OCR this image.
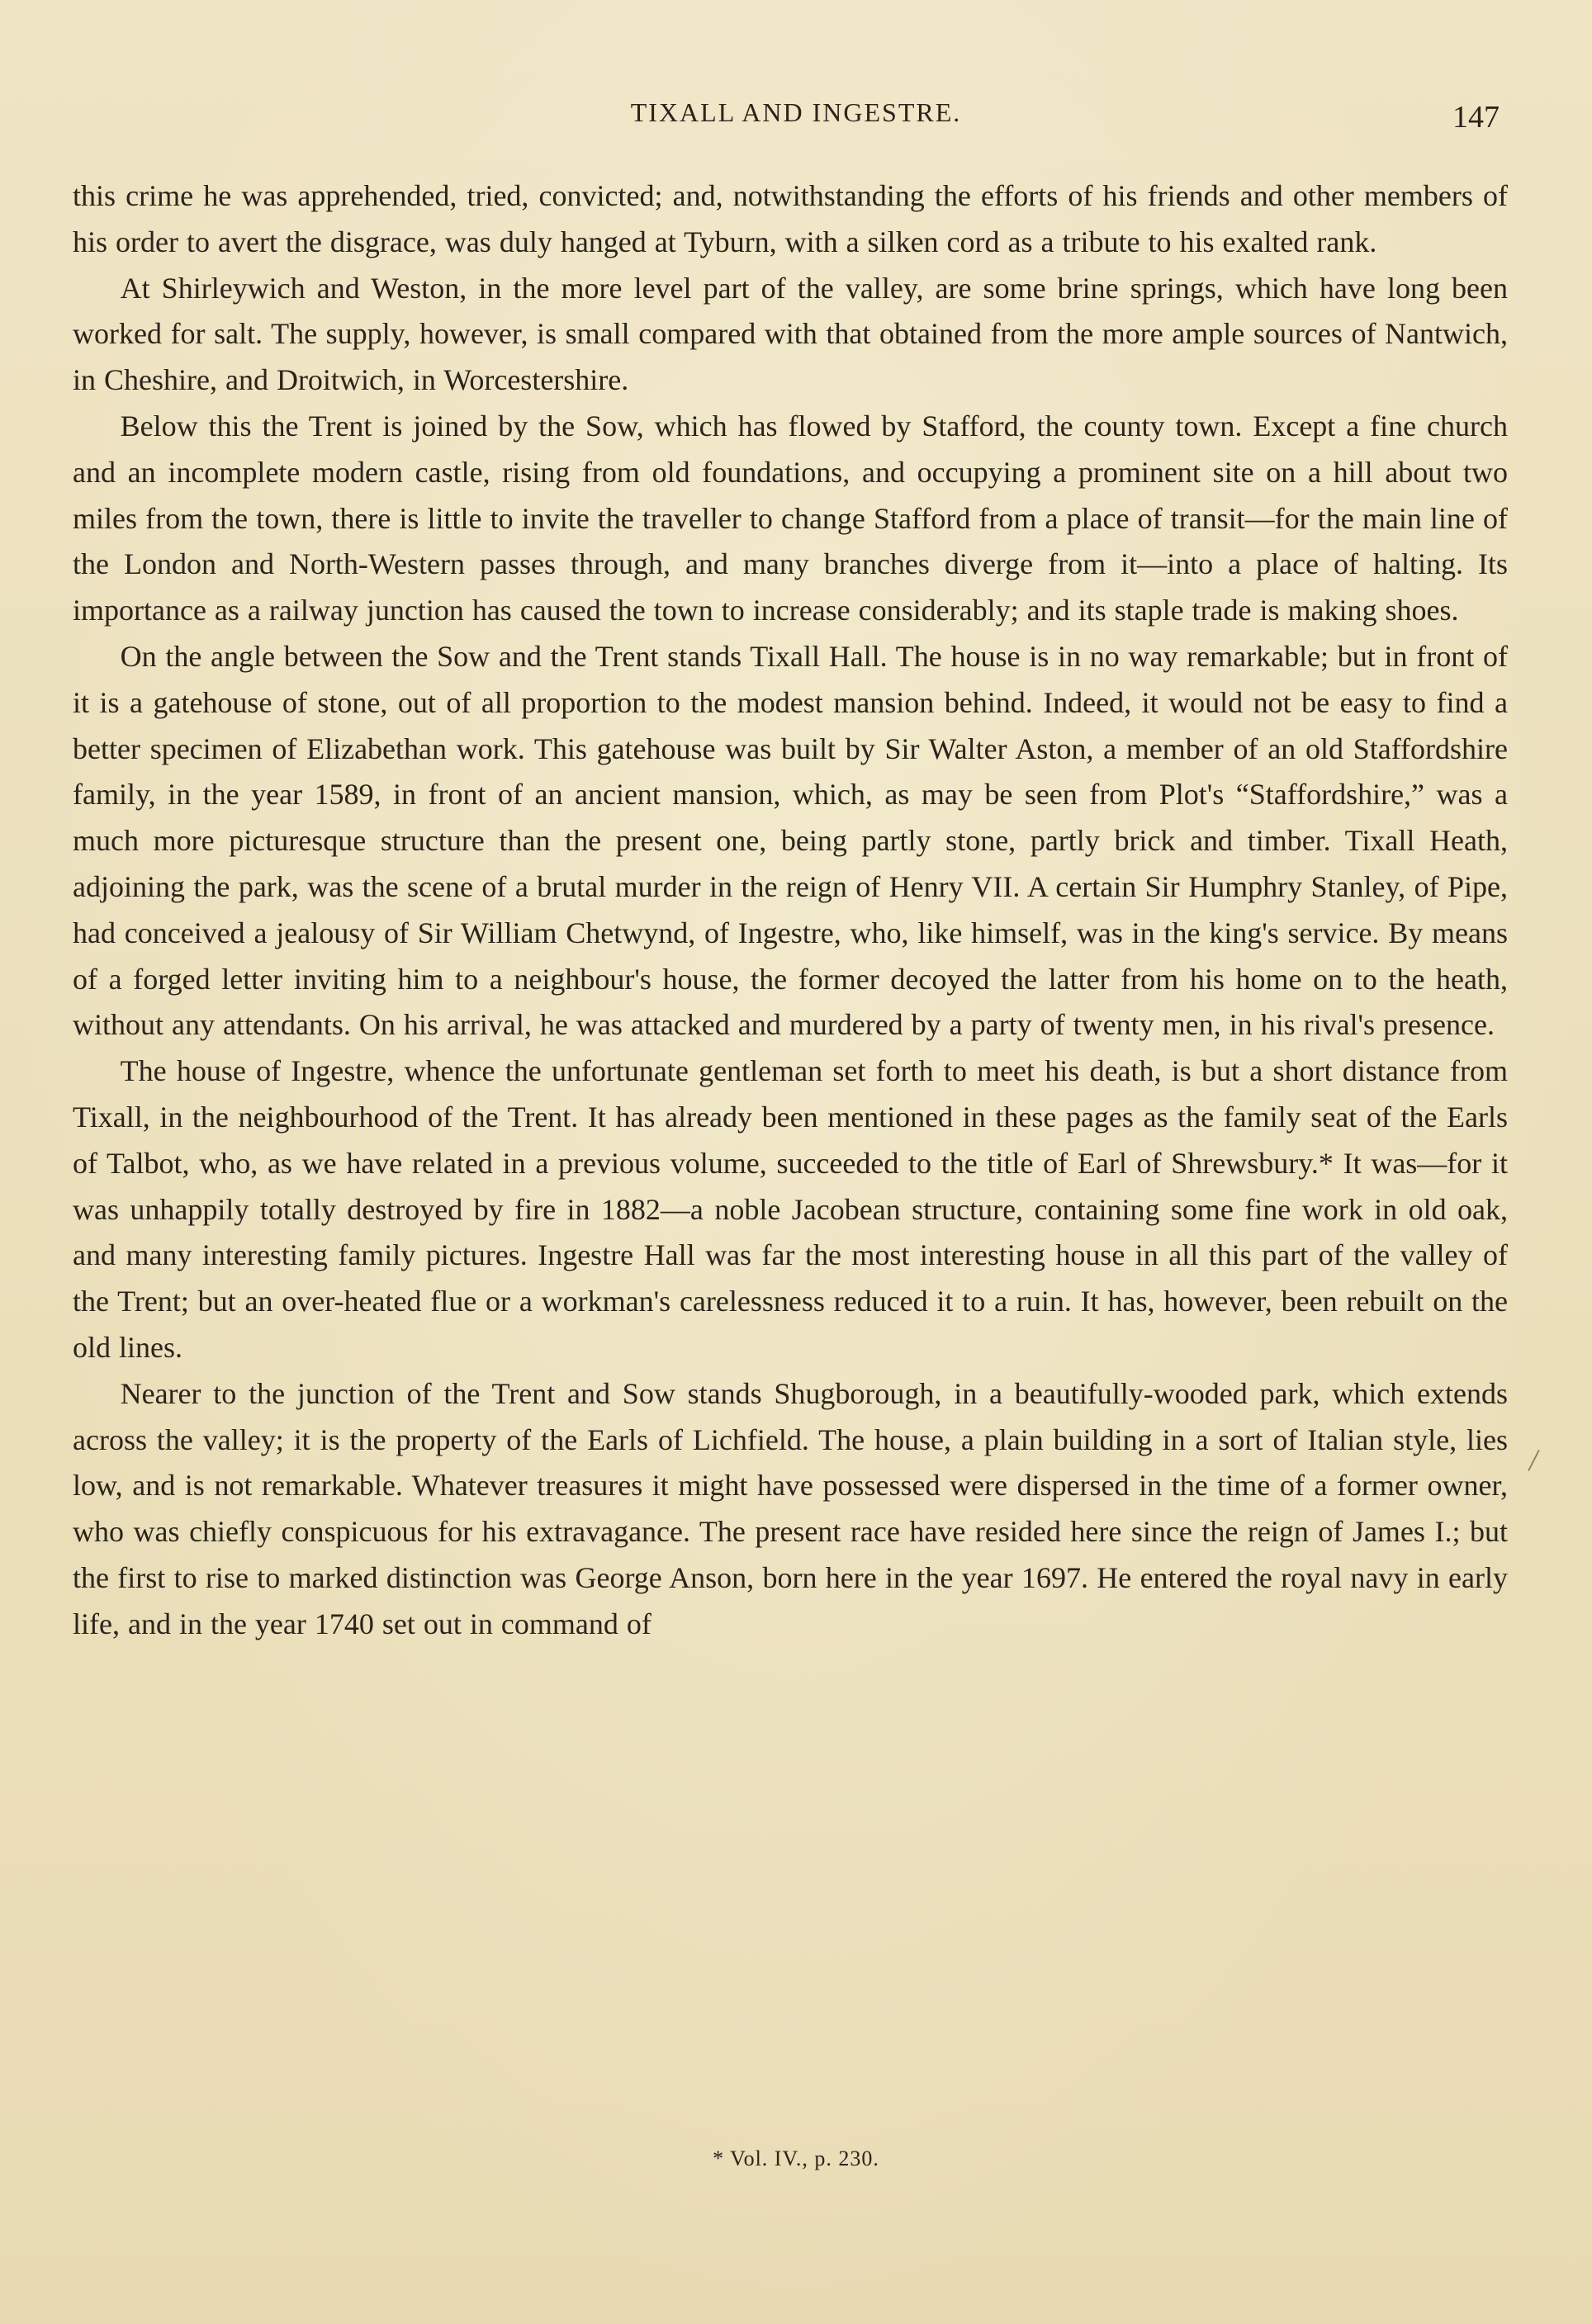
TIXALL AND INGESTRE.	147

this crime he was apprehended, tried, convicted; and, notwithstanding the efforts of his friends and other members of his order to avert the disgrace, was duly hanged at Tyburn, with a silken cord as a tribute to his exalted rank.

At Shirleywich and Weston, in the more level part of the valley, are some brine springs, which have long been worked for salt. The supply, however, is small compared with that obtained from the more ample sources of Nantwich, in Cheshire, and Droitwich, in Worcestershire.

Below this the Trent is joined by the Sow, which has flowed by Stafford, the county town. Except a fine church and an incomplete modern castle, rising from old foundations, and occupying a prominent site on a hill about two miles from the town, there is little to invite the traveller to change Stafford from a place of transit—for the main line of the London and North-Western passes through, and many branches diverge from it—into a place of halting. Its importance as a railway junction has caused the town to increase considerably; and its staple trade is making shoes.

On the angle between the Sow and the Trent stands Tixall Hall. The house is in no way remarkable; but in front of it is a gatehouse of stone, out of all proportion to the modest mansion behind. Indeed, it would not be easy to find a better specimen of Elizabethan work. This gatehouse was built by Sir Walter Aston, a member of an old Staffordshire family, in the year 1589, in front of an ancient mansion, which, as may be seen from Plot's “Staffordshire,” was a much more picturesque structure than the present one, being partly stone, partly brick and timber. Tixall Heath, adjoining the park, was the scene of a brutal murder in the reign of Henry VII. A certain Sir Humphry Stanley, of Pipe, had conceived a jealousy of Sir William Chetwynd, of Ingestre, who, like himself, was in the king's service. By means of a forged letter inviting him to a neighbour's house, the former decoyed the latter from his home on to the heath, without any attendants. On his arrival, he was attacked and murdered by a party of twenty men, in his rival's presence.

The house of Ingestre, whence the unfortunate gentleman set forth to meet his death, is but a short distance from Tixall, in the neighbourhood of the Trent. It has already been mentioned in these pages as the family seat of the Earls of Talbot, who, as we have related in a previous volume, succeeded to the title of Earl of Shrewsbury.* It was—for it was unhappily totally destroyed by fire in 1882—a noble Jacobean structure, containing some fine work in old oak, and many interesting family pictures. Ingestre Hall was far the most interesting house in all this part of the valley of the Trent; but an over-heated flue or a workman's carelessness reduced it to a ruin. It has, however, been rebuilt on the old lines.

Nearer to the junction of the Trent and Sow stands Shugborough, in a beautifully-wooded park, which extends across the valley; it is the property of the Earls of Lichfield. The house, a plain building in a sort of Italian style, lies low, and is not remarkable. Whatever treasures it might have possessed were dispersed in the time of a former owner, who was chiefly conspicuous for his extravagance. The present race have resided here since the reign of James I.; but the first to rise to marked distinction was George Anson, born here in the year 1697. He entered the royal navy in early life, and in the year 1740 set out in command of

/
* Vol. IV., p. 230.
